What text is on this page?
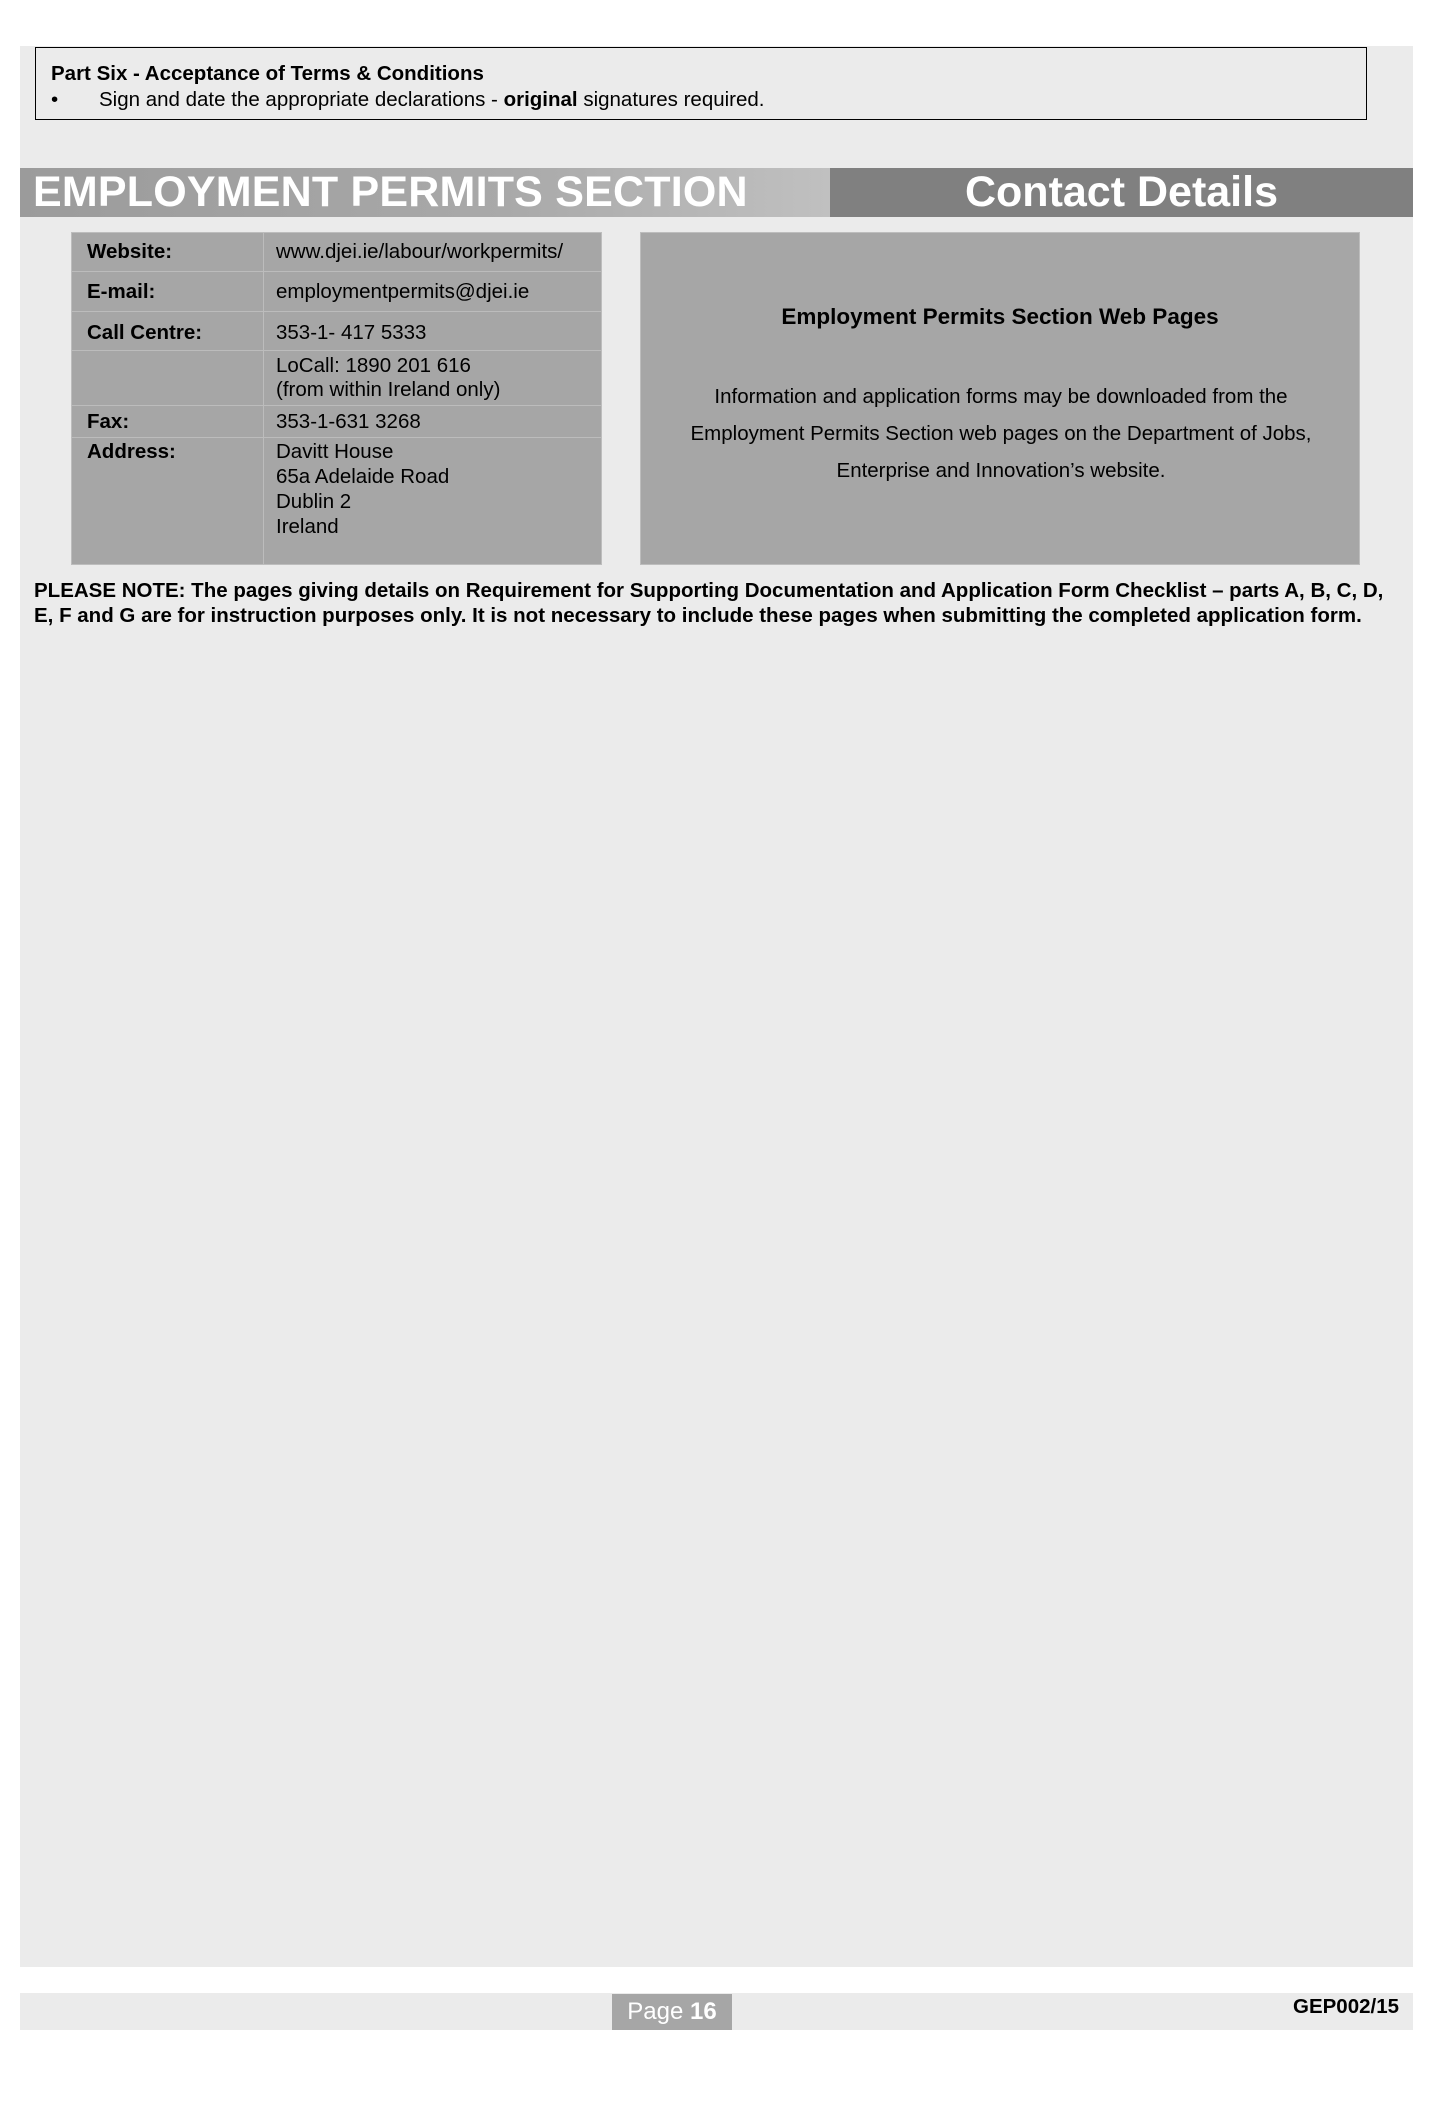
Part Six - Acceptance of Terms & Conditions
•	Sign and date the appropriate declarations - original signatures required.
EMPLOYMENT PERMITS SECTION	Contact Details
Website:	www.djei.ie/labour/workpermits/
E-mail:	employmentpermits@djei.ie
Call Centre:	353-1- 417 5333
LoCall: 1890 201 616
(from within Ireland only)
Fax:	353-1-631 3268
Address:	Davitt House
65a Adelaide Road
Dublin 2
Ireland
Employment Permits Section Web Pages
Information and application forms may be downloaded from the Employment Permits Section web pages on the Department of Jobs, Enterprise and Innovation’s website.
PLEASE NOTE: The pages giving details on Requirement for Supporting Documentation and Application Form Checklist – parts A, B, C, D, E, F and G are for instruction purposes only. It is not necessary to include these pages when submitting the completed application form.
Page 16	GEP002/15
